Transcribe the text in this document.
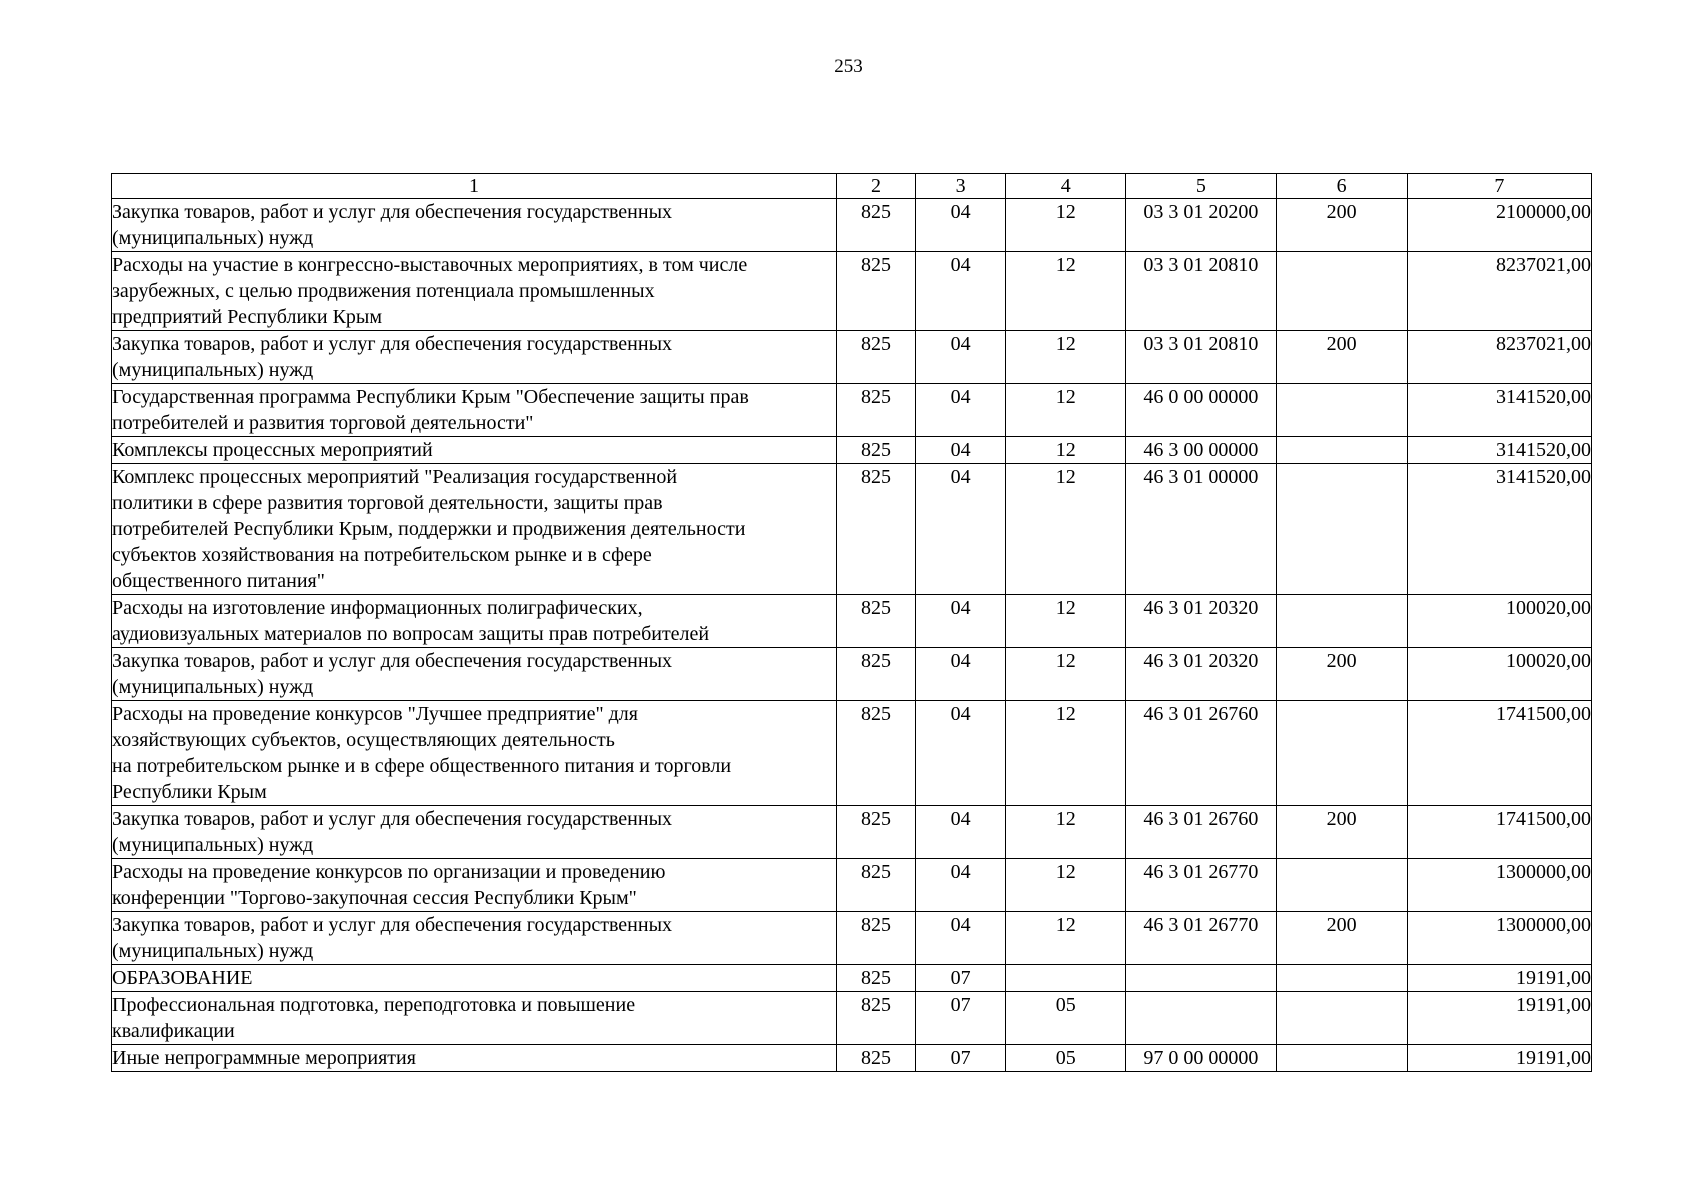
253
1	2	3	4	5	6	7
Закупка товаров, работ и услуг для обеспечения государственных
(муниципальных) нужд	825	04	12	03 3 01 20200	200	2100000,00
Расходы на участие в конгрессно-выставочных мероприятиях, в том числе
зарубежных, с целью продвижения потенциала промышленных
предприятий Республики Крым	825	04	12	03 3 01 20810		8237021,00
Закупка товаров, работ и услуг для обеспечения государственных
(муниципальных) нужд	825	04	12	03 3 01 20810	200	8237021,00
Государственная программа Республики Крым "Обеспечение защиты прав
потребителей и развития торговой деятельности"	825	04	12	46 0 00 00000		3141520,00
Комплексы процессных мероприятий	825	04	12	46 3 00 00000		3141520,00
Комплекс процессных мероприятий "Реализация государственной
политики в сфере развития торговой деятельности, защиты прав
потребителей Республики Крым, поддержки и продвижения деятельности
субъектов хозяйствования на потребительском рынке и в сфере
общественного питания"	825	04	12	46 3 01 00000		3141520,00
Расходы на изготовление информационных полиграфических,
аудиовизуальных материалов по вопросам защиты прав потребителей	825	04	12	46 3 01 20320		100020,00
Закупка товаров, работ и услуг для обеспечения государственных
(муниципальных) нужд	825	04	12	46 3 01 20320	200	100020,00
Расходы на проведение конкурсов "Лучшее предприятие" для
хозяйствующих субъектов, осуществляющих деятельность
на потребительском рынке и в сфере общественного питания и торговли
Республики Крым	825	04	12	46 3 01 26760		1741500,00
Закупка товаров, работ и услуг для обеспечения государственных
(муниципальных) нужд	825	04	12	46 3 01 26760	200	1741500,00
Расходы на проведение конкурсов по организации и проведению
конференции "Торгово-закупочная сессия Республики Крым"	825	04	12	46 3 01 26770		1300000,00
Закупка товаров, работ и услуг для обеспечения государственных
(муниципальных) нужд	825	04	12	46 3 01 26770	200	1300000,00
ОБРАЗОВАНИЕ	825	07				19191,00
Профессиональная подготовка, переподготовка и повышение
квалификации	825	07	05			19191,00
Иные непрограммные мероприятия	825	07	05	97 0 00 00000		19191,00
